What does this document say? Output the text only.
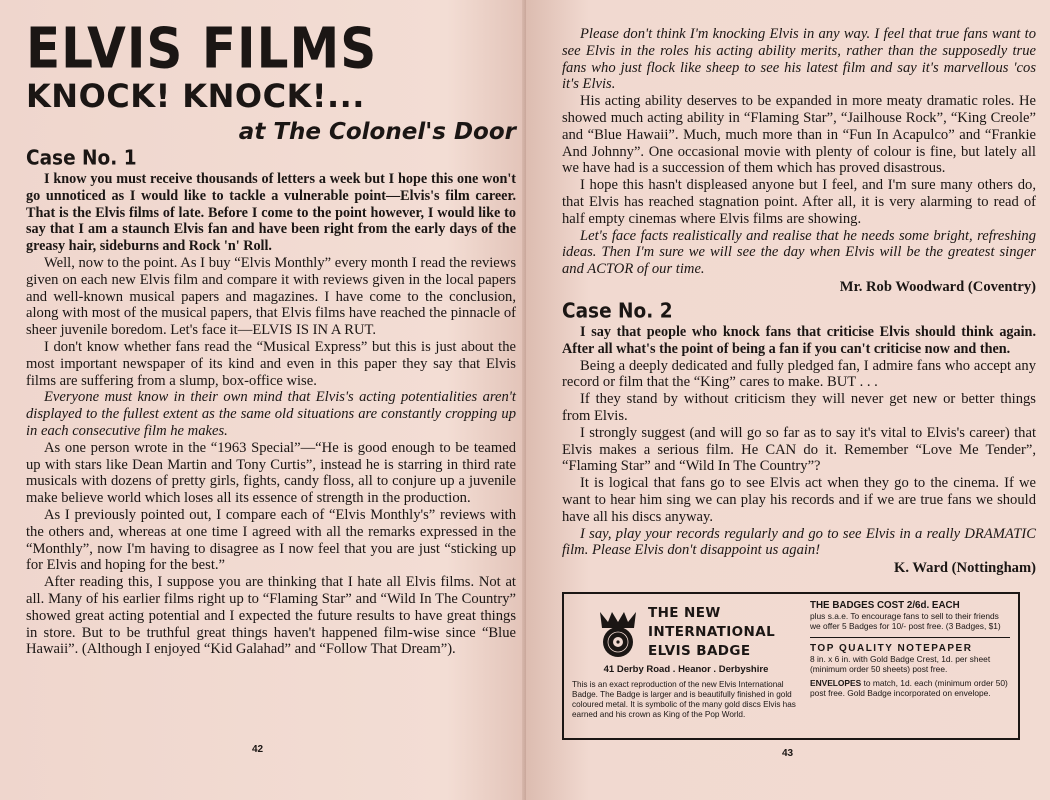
ELVIS FILMS
KNOCK! KNOCK!...
at The Colonel's Door
Case No. 1

I know you must receive thousands of letters a week but I hope this one won't go unnoticed as I would like to tackle a vulnerable point—Elvis's film career. That is the Elvis films of late. Before I come to the point however, I would like to say that I am a staunch Elvis fan and have been right from the early days of the greasy hair, sideburns and Rock 'n' Roll.

Well, now to the point. As I buy “Elvis Monthly” every month I read the reviews given on each new Elvis film and compare it with reviews given in the local papers and well-known musical papers and magazines. I have come to the conclusion, along with most of the musical papers, that Elvis films have reached the pinnacle of sheer juvenile boredom. Let's face it—ELVIS IS IN A RUT.

I don't know whether fans read the “Musical Express” but this is just about the most important newspaper of its kind and even in this paper they say that Elvis films are suffering from a slump, box-office wise.

Everyone must know in their own mind that Elvis's acting potentialities aren't displayed to the fullest extent as the same old situations are constantly cropping up in each consecutive film he makes.

As one person wrote in the “1963 Special”—“He is good enough to be teamed up with stars like Dean Martin and Tony Curtis”, instead he is starring in third rate musicals with dozens of pretty girls, fights, candy floss, all to conjure up a juvenile make believe world which loses all its essence of strength in the production.

As I previously pointed out, I compare each of “Elvis Monthly's” reviews with the others and, whereas at one time I agreed with all the remarks expressed in the “Monthly”, now I'm having to disagree as I now feel that you are just “sticking up for Elvis and hoping for the best.”

After reading this, I suppose you are thinking that I hate all Elvis films. Not at all. Many of his earlier films right up to “Flaming Star” and “Wild In The Country” showed great acting potential and I expected the future results to have great things in store. But to be truthful great things haven't happened film-wise since “Blue Hawaii”. (Although I enjoyed “Kid Galahad” and “Follow That Dream”).

42

Please don't think I'm knocking Elvis in any way. I feel that true fans want to see Elvis in the roles his acting ability merits, rather than the supposedly true fans who just flock like sheep to see his latest film and say it's marvellous 'cos it's Elvis.

His acting ability deserves to be expanded in more meaty dramatic roles. He showed much acting ability in “Flaming Star”, “Jailhouse Rock”, “King Creole” and “Blue Hawaii”. Much, much more than in “Fun In Acapulco” and “Frankie And Johnny”. One occasional movie with plenty of colour is fine, but lately all we have had is a succession of them which has proved disastrous.

I hope this hasn't displeased anyone but I feel, and I'm sure many others do, that Elvis has reached stagnation point. After all, it is very alarming to read of half empty cinemas where Elvis films are showing.

Let's face facts realistically and realise that he needs some bright, refreshing ideas. Then I'm sure we will see the day when Elvis will be the greatest singer and ACTOR of our time.

Mr. Rob Woodward (Coventry)
Case No. 2

I say that people who knock fans that criticise Elvis should think again. After all what's the point of being a fan if you can't criticise now and then.

Being a deeply dedicated and fully pledged fan, I admire fans who accept any record or film that the “King” cares to make. BUT . . .

If they stand by without criticism they will never get new or better things from Elvis.

I strongly suggest (and will go so far as to say it's vital to Elvis's career) that Elvis makes a serious film. He CAN do it. Remember “Love Me Tender”, “Flaming Star” and “Wild In The Country”?

It is logical that fans go to see Elvis act when they go to the cinema. If we want to hear him sing we can play his records and if we are true fans we should have all his discs anyway.

I say, play your records regularly and go to see Elvis in a really DRAMATIC film. Please Elvis don't disappoint us again!

K. Ward (Nottingham)
THE NEW
INTERNATIONAL
ELVIS BADGE
41 Derby Road . Heanor . Derbyshire
This is an exact reproduction of the new Elvis International Badge. The Badge is larger and is beautifully finished in gold coloured metal. It is symbolic of the many gold discs Elvis has earned and his crown as King of the Pop World.
THE BADGES COST 2/6d. EACH
plus s.a.e. To encourage fans to sell to their friends we offer 5 Badges for 10/- post free. (3 Badges, $1)
TOP QUALITY NOTEPAPER
8 in. x 6 in. with Gold Badge Crest, 1d. per sheet (minimum order 50 sheets) post free.
ENVELOPES to match, 1d. each (minimum order 50) post free. Gold Badge incorporated on envelope.
43
